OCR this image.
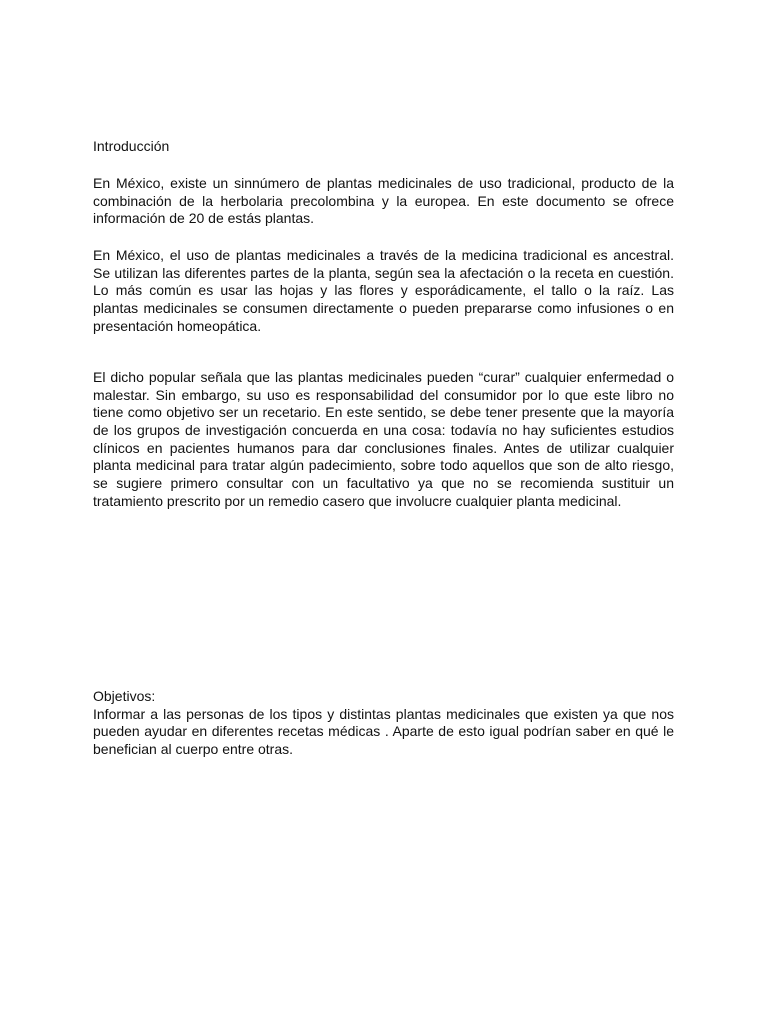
Introducción
En México, existe un sinnúmero de plantas medicinales de uso tradicional, producto de la
combinación de la herbolaria precolombina y la europea. En este documento se ofrece
información de 20 de estás plantas.
En México, el uso de plantas medicinales a través de la medicina tradicional es ancestral.
Se utilizan las diferentes partes de la planta, según sea la afectación o la receta en cuestión.
Lo más común es usar las hojas y las flores y esporádicamente, el tallo o la raíz. Las
plantas medicinales se consumen directamente o pueden prepararse como infusiones o en
presentación homeopática.
El dicho popular señala que las plantas medicinales pueden “curar” cualquier enfermedad o
malestar. Sin embargo, su uso es responsabilidad del consumidor por lo que este libro no
tiene como objetivo ser un recetario. En este sentido, se debe tener presente que la mayoría
de los grupos de investigación concuerda en una cosa: todavía no hay suficientes estudios
clínicos en pacientes humanos para dar conclusiones finales. Antes de utilizar cualquier
planta medicinal para tratar algún padecimiento, sobre todo aquellos que son de alto riesgo,
se sugiere primero consultar con un facultativo ya que no se recomienda sustituir un
tratamiento prescrito por un remedio casero que involucre cualquier planta medicinal.
Objetivos:
Informar a las personas de los tipos y distintas plantas medicinales que existen ya que nos
pueden ayudar en diferentes recetas médicas . Aparte de esto igual podrían saber en qué le
benefician al cuerpo entre otras.
